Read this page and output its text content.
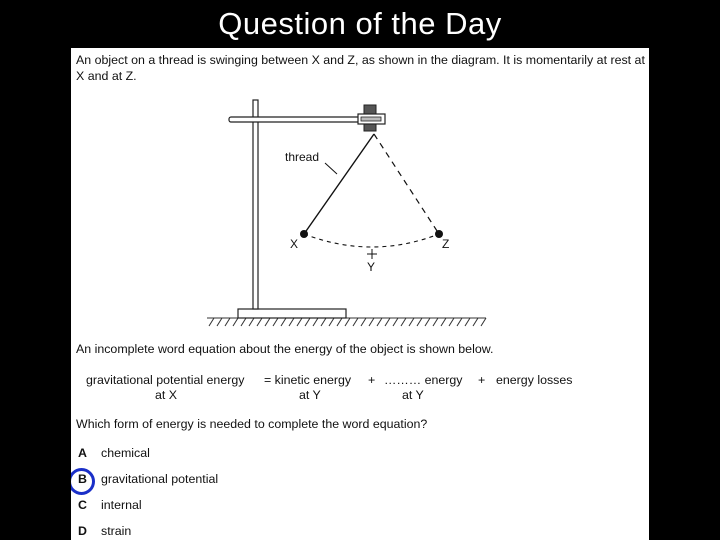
Question of the Day
An object on a thread is swinging between X and Z, as shown in the diagram. It is momentarily at rest at X and at Z.
thread
X	Z
Y
An incomplete word equation about the energy of the object is shown below.
gravitational potential energy
at X
= kinetic energy
at Y
+ ……… energy
at Y
+ energy losses
Which form of energy is needed to complete the word equation?
A chemical
B gravitational potential
C internal
D strain
